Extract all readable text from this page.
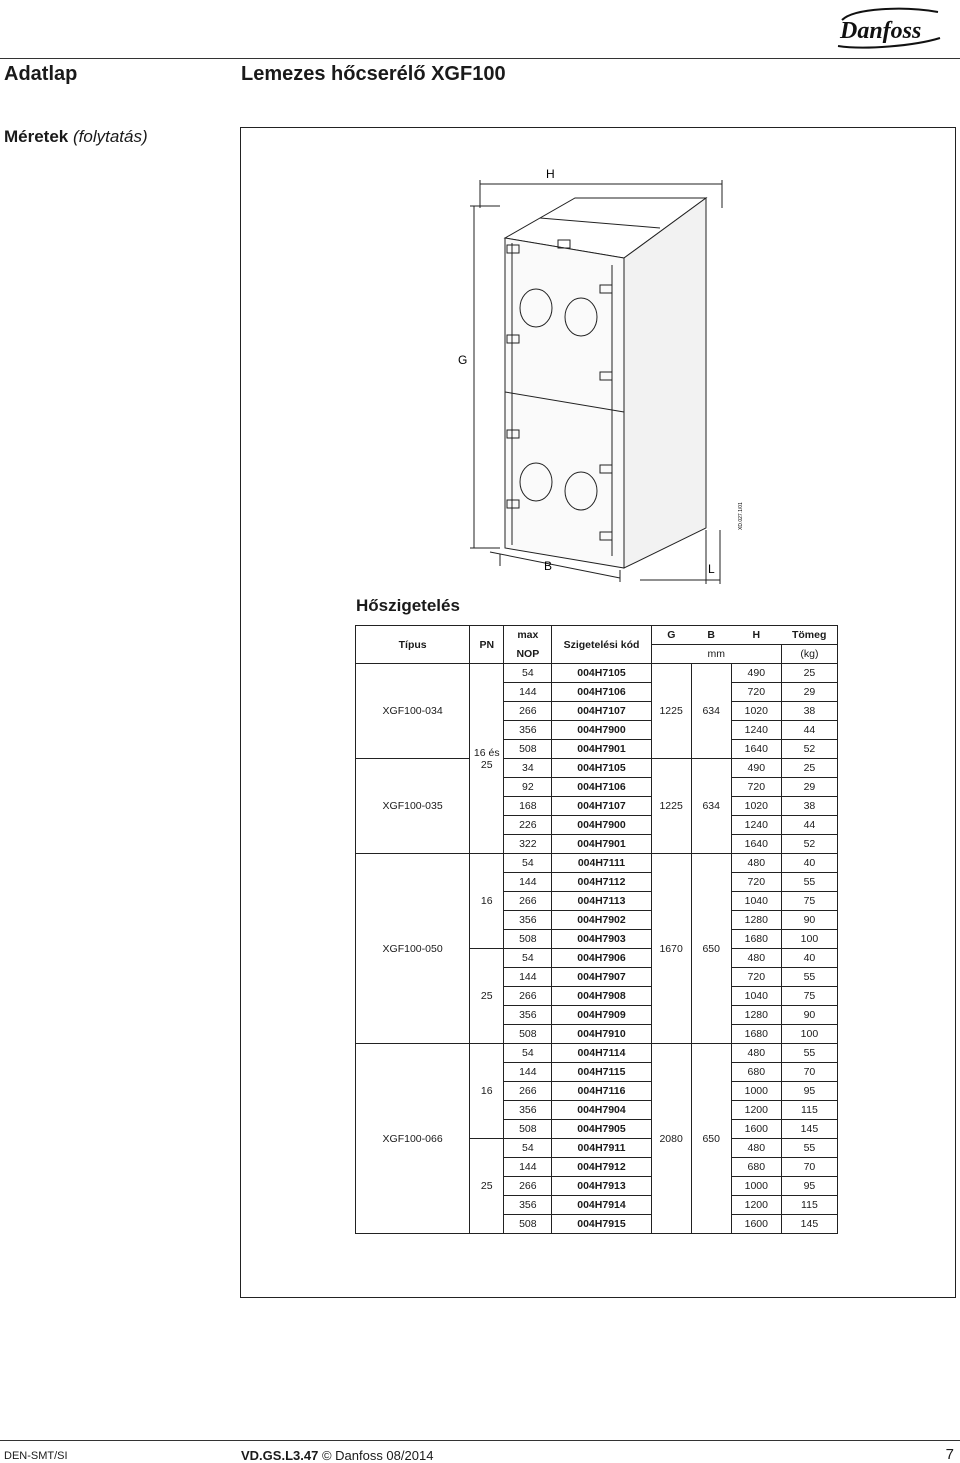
Danfoss
Adatlap	Lemezes hőcserélő XGF100
Méretek (folytatás)
H
G
B	L
XD.027.1/01
Hőszigetelés
Típus	PN	max	Szigetelési kód	G	B	H	Tömeg
		NOP		mm			(kg)
XGF100-034	16 és 25	54	004H7105	1225	634	490	25
		144	004H7106			720	29
		266	004H7107			1020	38
		356	004H7900			1240	44
		508	004H7901			1640	52
XGF100-035		34	004H7105	1225	634	490	25
		92	004H7106			720	29
		168	004H7107			1020	38
		226	004H7900			1240	44
		322	004H7901			1640	52
XGF100-050	16	54	004H7111	1670	650	480	40
		144	004H7112			720	55
		266	004H7113			1040	75
		356	004H7902			1280	90
		508	004H7903			1680	100
	25	54	004H7906			480	40
		144	004H7907			720	55
		266	004H7908			1040	75
		356	004H7909			1280	90
		508	004H7910			1680	100
XGF100-066	16	54	004H7114	2080	650	480	55
		144	004H7115			680	70
		266	004H7116			1000	95
		356	004H7904			1200	115
		508	004H7905			1600	145
	25	54	004H7911			480	55
		144	004H7912			680	70
		266	004H7913			1000	95
		356	004H7914			1200	115
		508	004H7915			1600	145
DEN-SMT/SI	VD.GS.L3.47 © Danfoss 08/2014	7
